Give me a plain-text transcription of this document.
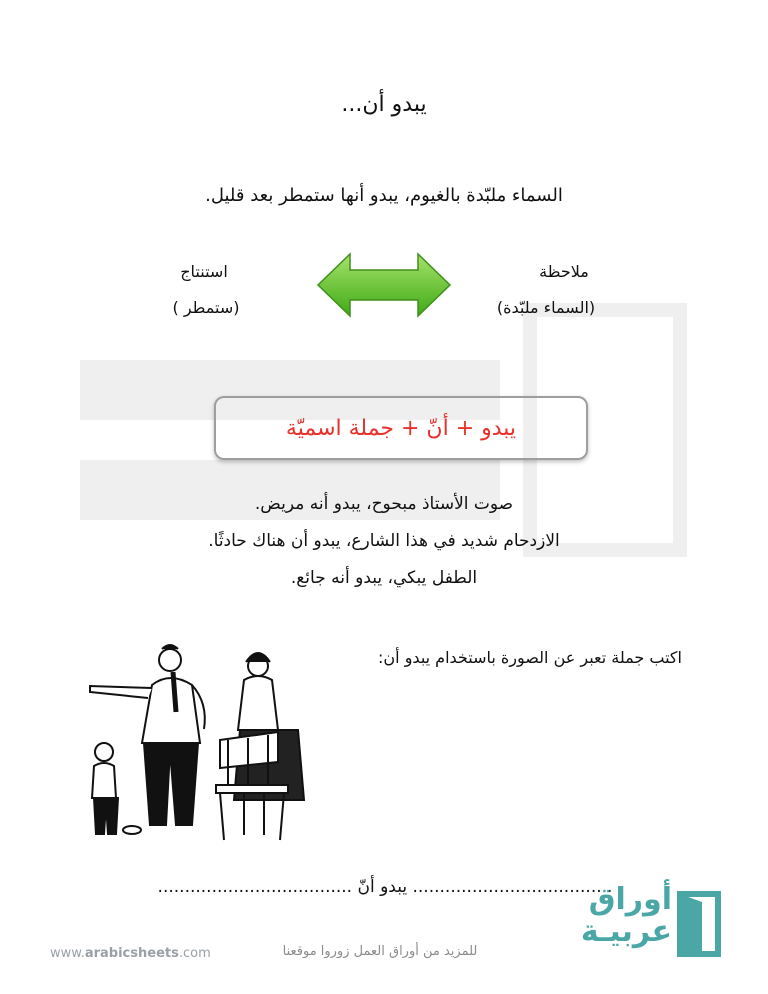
يبدو أن...
السماء ملبّدة بالغيوم، يبدو أنها ستمطر بعد قليل.
ملاحظة
(السماء ملبّدة)
استنتاج
(ستمطر )
يبدو + أنّ + جملة اسميّة
صوت الأستاذ مبحوح، يبدو أنه مريض.
الازدحام شديد في هذا الشارع، يبدو أن هناك حادثًا.
الطفل يبكي، يبدو أنه جائع.
اكتب جملة تعبر عن الصورة باستخدام يبدو أن:
..................................... يبدو أنّ ....................................
www.arabicsheets.com	للمزيد من أوراق العمل زوروا موقعنا
أوراق
عربيـة
